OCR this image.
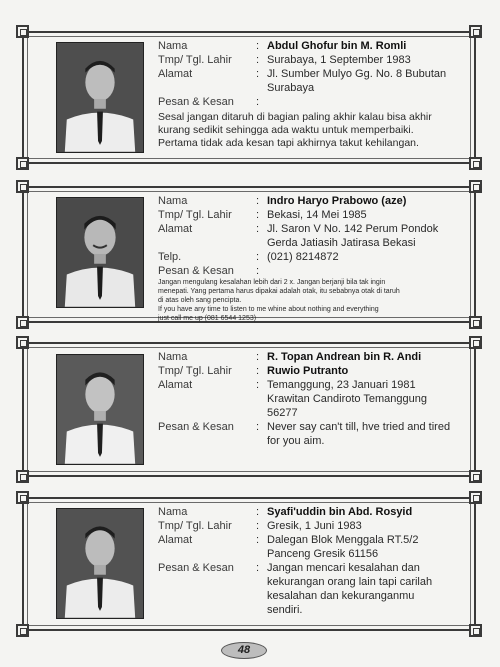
Nama	: Abdul Ghofur bin M. Romli
Tmp/ Tgl. Lahir : Surabaya, 1 September 1983
Alamat	: Jl. Sumber Mulyo Gg. No. 8 Bubutan
Surabaya
Pesan & Kesan :
Sesal jangan ditaruh di bagian paling akhir kalau bisa akhir
kurang sedikit sehingga ada waktu untuk memperbaiki.
Pertama tidak ada kesan tapi akhirnya takut kehilangan.
Nama	: Indro Haryo Prabowo (aze)
Tmp/ Tgl. Lahir : Bekasi, 14 Mei 1985
Alamat	: Jl. Saron V No. 142 Perum Pondok
Gerda Jatiasih Jatirasa Bekasi
Telp.	: (021) 8214872
Pesan & Kesan :
Jangan mengulang kesalahan lebih dari 2 x. Jangan berjanji bila tak ingin
menepati. Yang pertama harus dipakai adalah otak, itu sebabnya otak di taruh
di atas oleh sang pencipta.
If you have any time to listen to me whine about nothing and everything
just call me up (081 6544 1253)
Nama	: R. Topan Andrean bin R. Andi
Tmp/ Tgl. Lahir : Ruwio Putranto
Alamat	: Temanggung, 23 Januari 1981
Krawitan Candiroto Temanggung
56277
Pesan & Kesan : Never say can't till, hve tried and tired
for you aim.
Nama	: Syafi'uddin bin Abd. Rosyid
Tmp/ Tgl. Lahir : Gresik, 1 Juni 1983
Alamat	: Dalegan Blok Menggala RT.5/2
Panceng Gresik 61156
Pesan & Kesan : Jangan mencari kesalahan dan
kekurangan orang lain tapi carilah
kesalahan dan kekuranganmu
sendiri.
48
